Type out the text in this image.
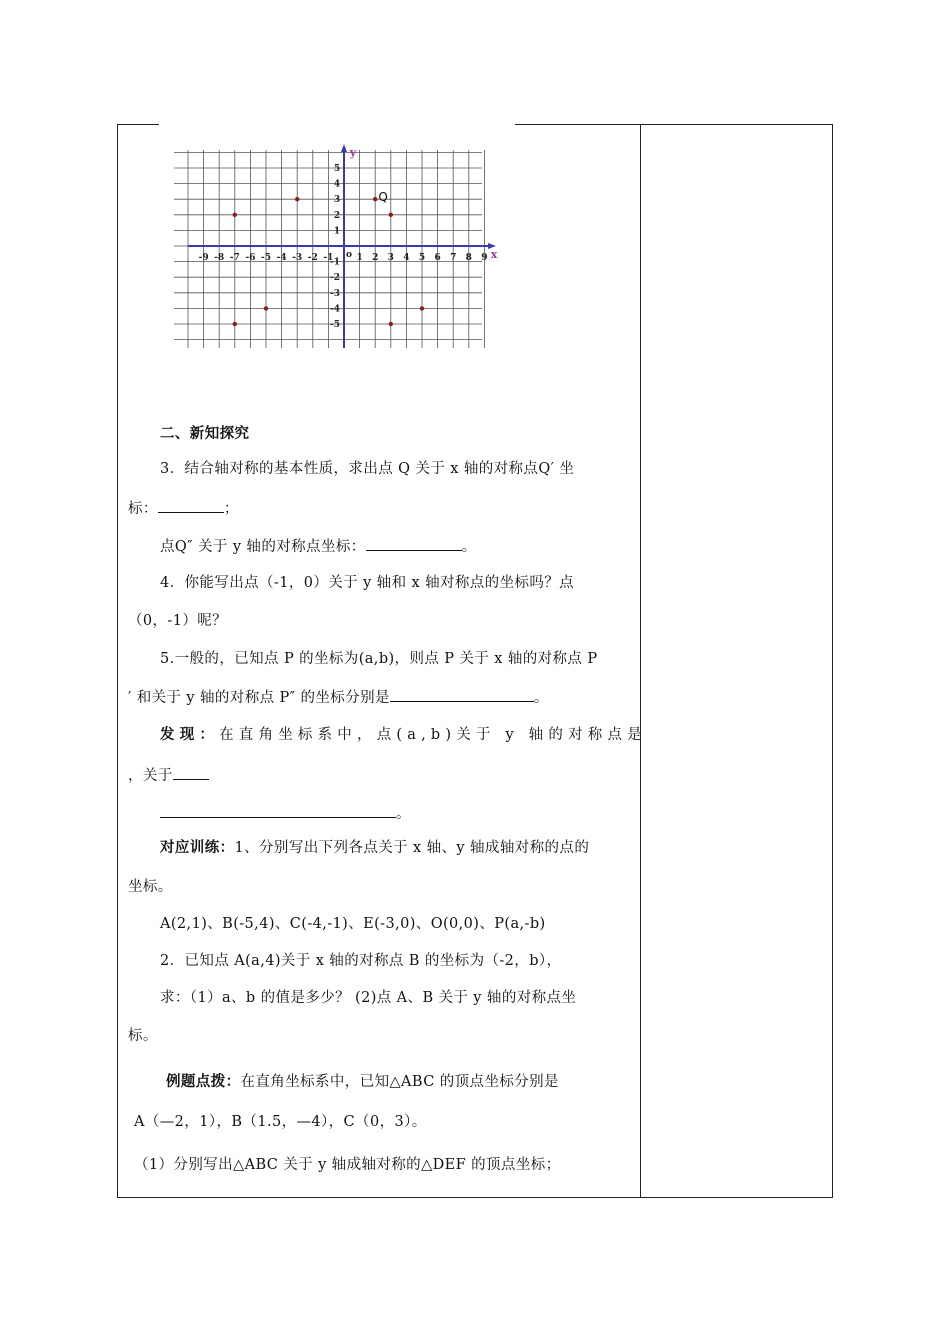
x
y
o
-9 -8 -7 -6 -5 -4 -3 -2 -1	1 2 3 4 5 6 7 8 9
5
4
3
2
1
-1
-2
-3
-4
-5
Q
二、新知探究
3．结合轴对称的基本性质，求出点 Q 关于 x 轴的对称点Q′ 坐
标：	；
点Q″ 关于 y 轴的对称点坐标：	。
4．你能写出点（-1，0）关于 y 轴和 x 轴对称点的坐标吗？点
（0，-1）呢？
5.一般的，已知点 P 的坐标为(a,b)，则点 P 关于 x 轴的对称点 P
′ 和关于 y 轴的对称点 P″ 的坐标分别是	。
发现：在直角坐标系中，点(a,b)关于 y 轴的对称点是
，关于
。
对应训练：1、分别写出下列各点关于 x 轴、y 轴成轴对称的点的
坐标。
A(2,1)、B(-5,4)、C(-4,-1)、E(-3,0)、O(0,0)、P(a,-b)
2．已知点 A(a,4)关于 x 轴的对称点 B 的坐标为（-2，b），
求：（1）a、b 的值是多少？ (2)点 A、B 关于 y 轴的对称点坐
标。
例题点拨：在直角坐标系中，已知△ABC 的顶点坐标分别是
A（—2，1），B（1.5，—4），C（0，3）。
（1）分别写出△ABC 关于 y 轴成轴对称的△DEF 的顶点坐标；
